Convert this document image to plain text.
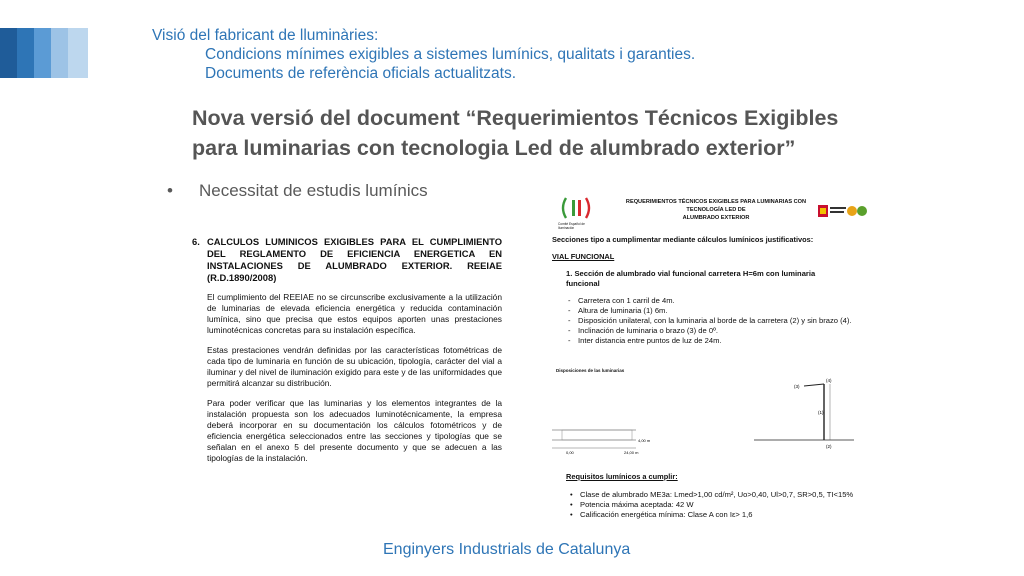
Visió del fabricant de lluminàries:
Condicions mínimes exigibles a sistemes lumínics, qualitats i garanties.
Documents de referència oficials actualitzats.
Nova versió del document “Requerimientos Técnicos Exigibles
para luminarias con tecnologia Led de alumbrado exterior”
• Necessitat de estudis lumínics
6. CALCULOS LUMINICOS EXIGIBLES PARA EL CUMPLIMIENTO DEL REGLAMENTO DE EFICIENCIA ENERGETICA EN INSTALACIONES DE ALUMBRADO EXTERIOR. REEIAE (R.D.1890/2008)

El cumplimiento del REEIAE no se circunscribe exclusivamente a la utilización de luminarias de elevada eficiencia energética y reducida contaminación lumínica, sino que precisa que estos equipos aporten unas prestaciones luminotécnicas concretas para su instalación específica.

Estas prestaciones vendrán definidas por las características fotométricas de cada tipo de luminaria en función de su ubicación, tipología, carácter del vial a iluminar y del nivel de iluminación exigido para este y de las uniformidades que permitirá alcanzar su distribución.

Para poder verificar que las luminarias y los elementos integrantes de la instalación propuesta son los adecuados luminotécnicamente, la empresa deberá incorporar en su documentación los cálculos fotométricos y de eficiencia energética seleccionados entre las secciones y tipologías que se señalan en el anexo 5 del presente documento y que se adecuen a las tipologías de la instalación.

Comité Español de Iluminación
REQUERIMIENTOS TÉCNICOS EXIGIBLES PARA LUMINARIAS CON TECNOLOGÍA LED DE
ALUMBRADO EXTERIOR
Secciones tipo a cumplimentar mediante cálculos lumínicos justificativos:
VIAL FUNCIONAL
1. Sección de alumbrado vial funcional carretera H=6m con luminaria funcional
- Carretera con 1 carril de 4m.
- Altura de luminaria (1) 6m.
- Disposición unilateral, con la luminaria al borde de la carretera (2) y sin brazo (4).
- Inclinación de luminaria o brazo (3) de 0º.
- Inter distancia entre puntos de luz de 24m.
Disposiciones de las luminarias
4,00 m
0,00	24,00 m
(3)
(4)
(1)
(2)
Requisitos lumínicos a cumplir:
• Clase de alumbrado ME3a: Lmed>1,00 cd/m², Uo>0,40, Ul>0,7, SR>0,5, TI<15%
• Potencia máxima aceptada: 42 W
• Calificación energética mínima: Clase A con Iε> 1,6
Enginyers Industrials de Catalunya
